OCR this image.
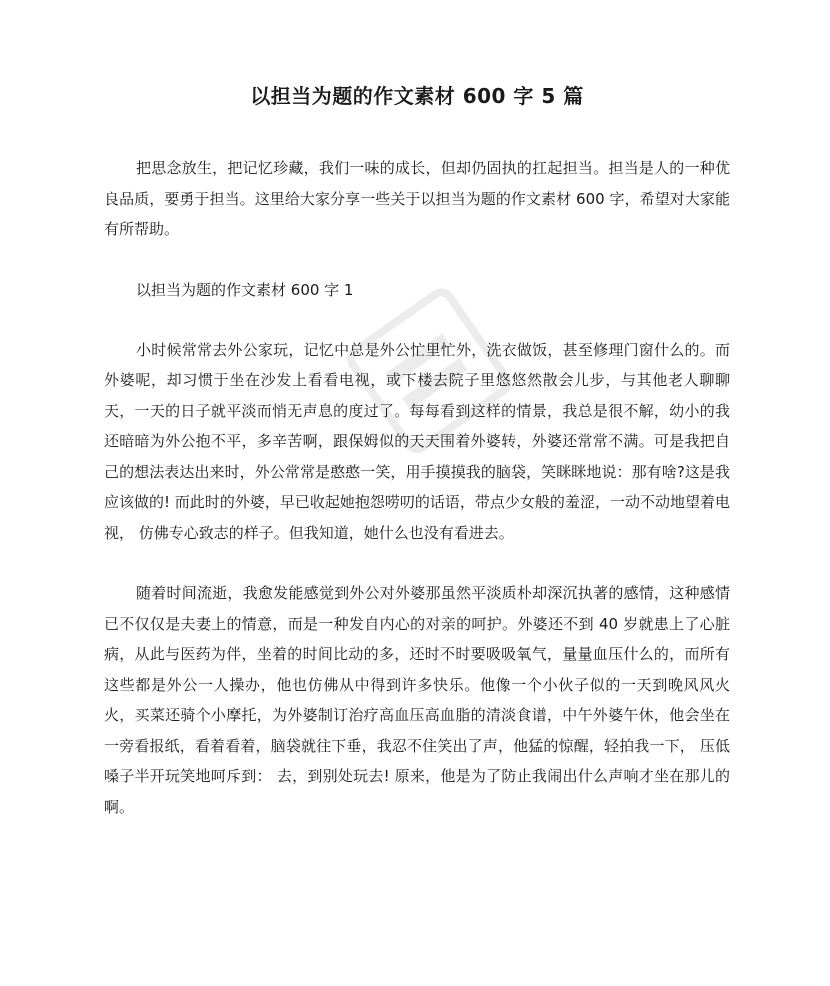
以担当为题的作文素材 600 字 5 篇

把思念放生，把记忆珍藏，我们一味的成长，但却仍固执的扛起担当。担当是人的一种优良品质，要勇于担当。这里给大家分享一些关于以担当为题的作文素材 600 字，希望对大家能有所帮助。

以担当为题的作文素材 600 字 1

小时候常常去外公家玩，记忆中总是外公忙里忙外，洗衣做饭，甚至修理门窗什么的。而外婆呢，却习惯于坐在沙发上看看电视，或下楼去院子里悠悠然散会儿步，与其他老人聊聊天，一天的日子就平淡而悄无声息的度过了。每每看到这样的情景，我总是很不解，幼小的我还暗暗为外公抱不平，多辛苦啊，跟保姆似的天天围着外婆转，外婆还常常不满。可是我把自己的想法表达出来时，外公常常是憨憨一笑，用手摸摸我的脑袋，笑眯眯地说：那有啥?这是我应该做的! 而此时的外婆，早已收起她抱怨唠叨的话语，带点少女般的羞涩，一动不动地望着电视， 仿佛专心致志的样子。但我知道，她什么也没有看进去。

随着时间流逝，我愈发能感觉到外公对外婆那虽然平淡质朴却深沉执著的感情，这种感情已不仅仅是夫妻上的情意，而是一种发自内心的对亲的呵护。外婆还不到 40 岁就患上了心脏病，从此与医药为伴，坐着的时间比动的多，还时不时要吸吸氧气，量量血压什么的，而所有这些都是外公一人操办，他也仿佛从中得到许多快乐。他像一个小伙子似的一天到晚风风火火，买菜还骑个小摩托，为外婆制订治疗高血压高血脂的清淡食谱，中午外婆午休，他会坐在一旁看报纸，看着看着，脑袋就往下垂，我忍不住笑出了声，他猛的惊醒，轻拍我一下， 压低嗓子半开玩笑地呵斥到： 去，到别处玩去! 原来，他是为了防止我闹出什么声响才坐在那儿的啊。
